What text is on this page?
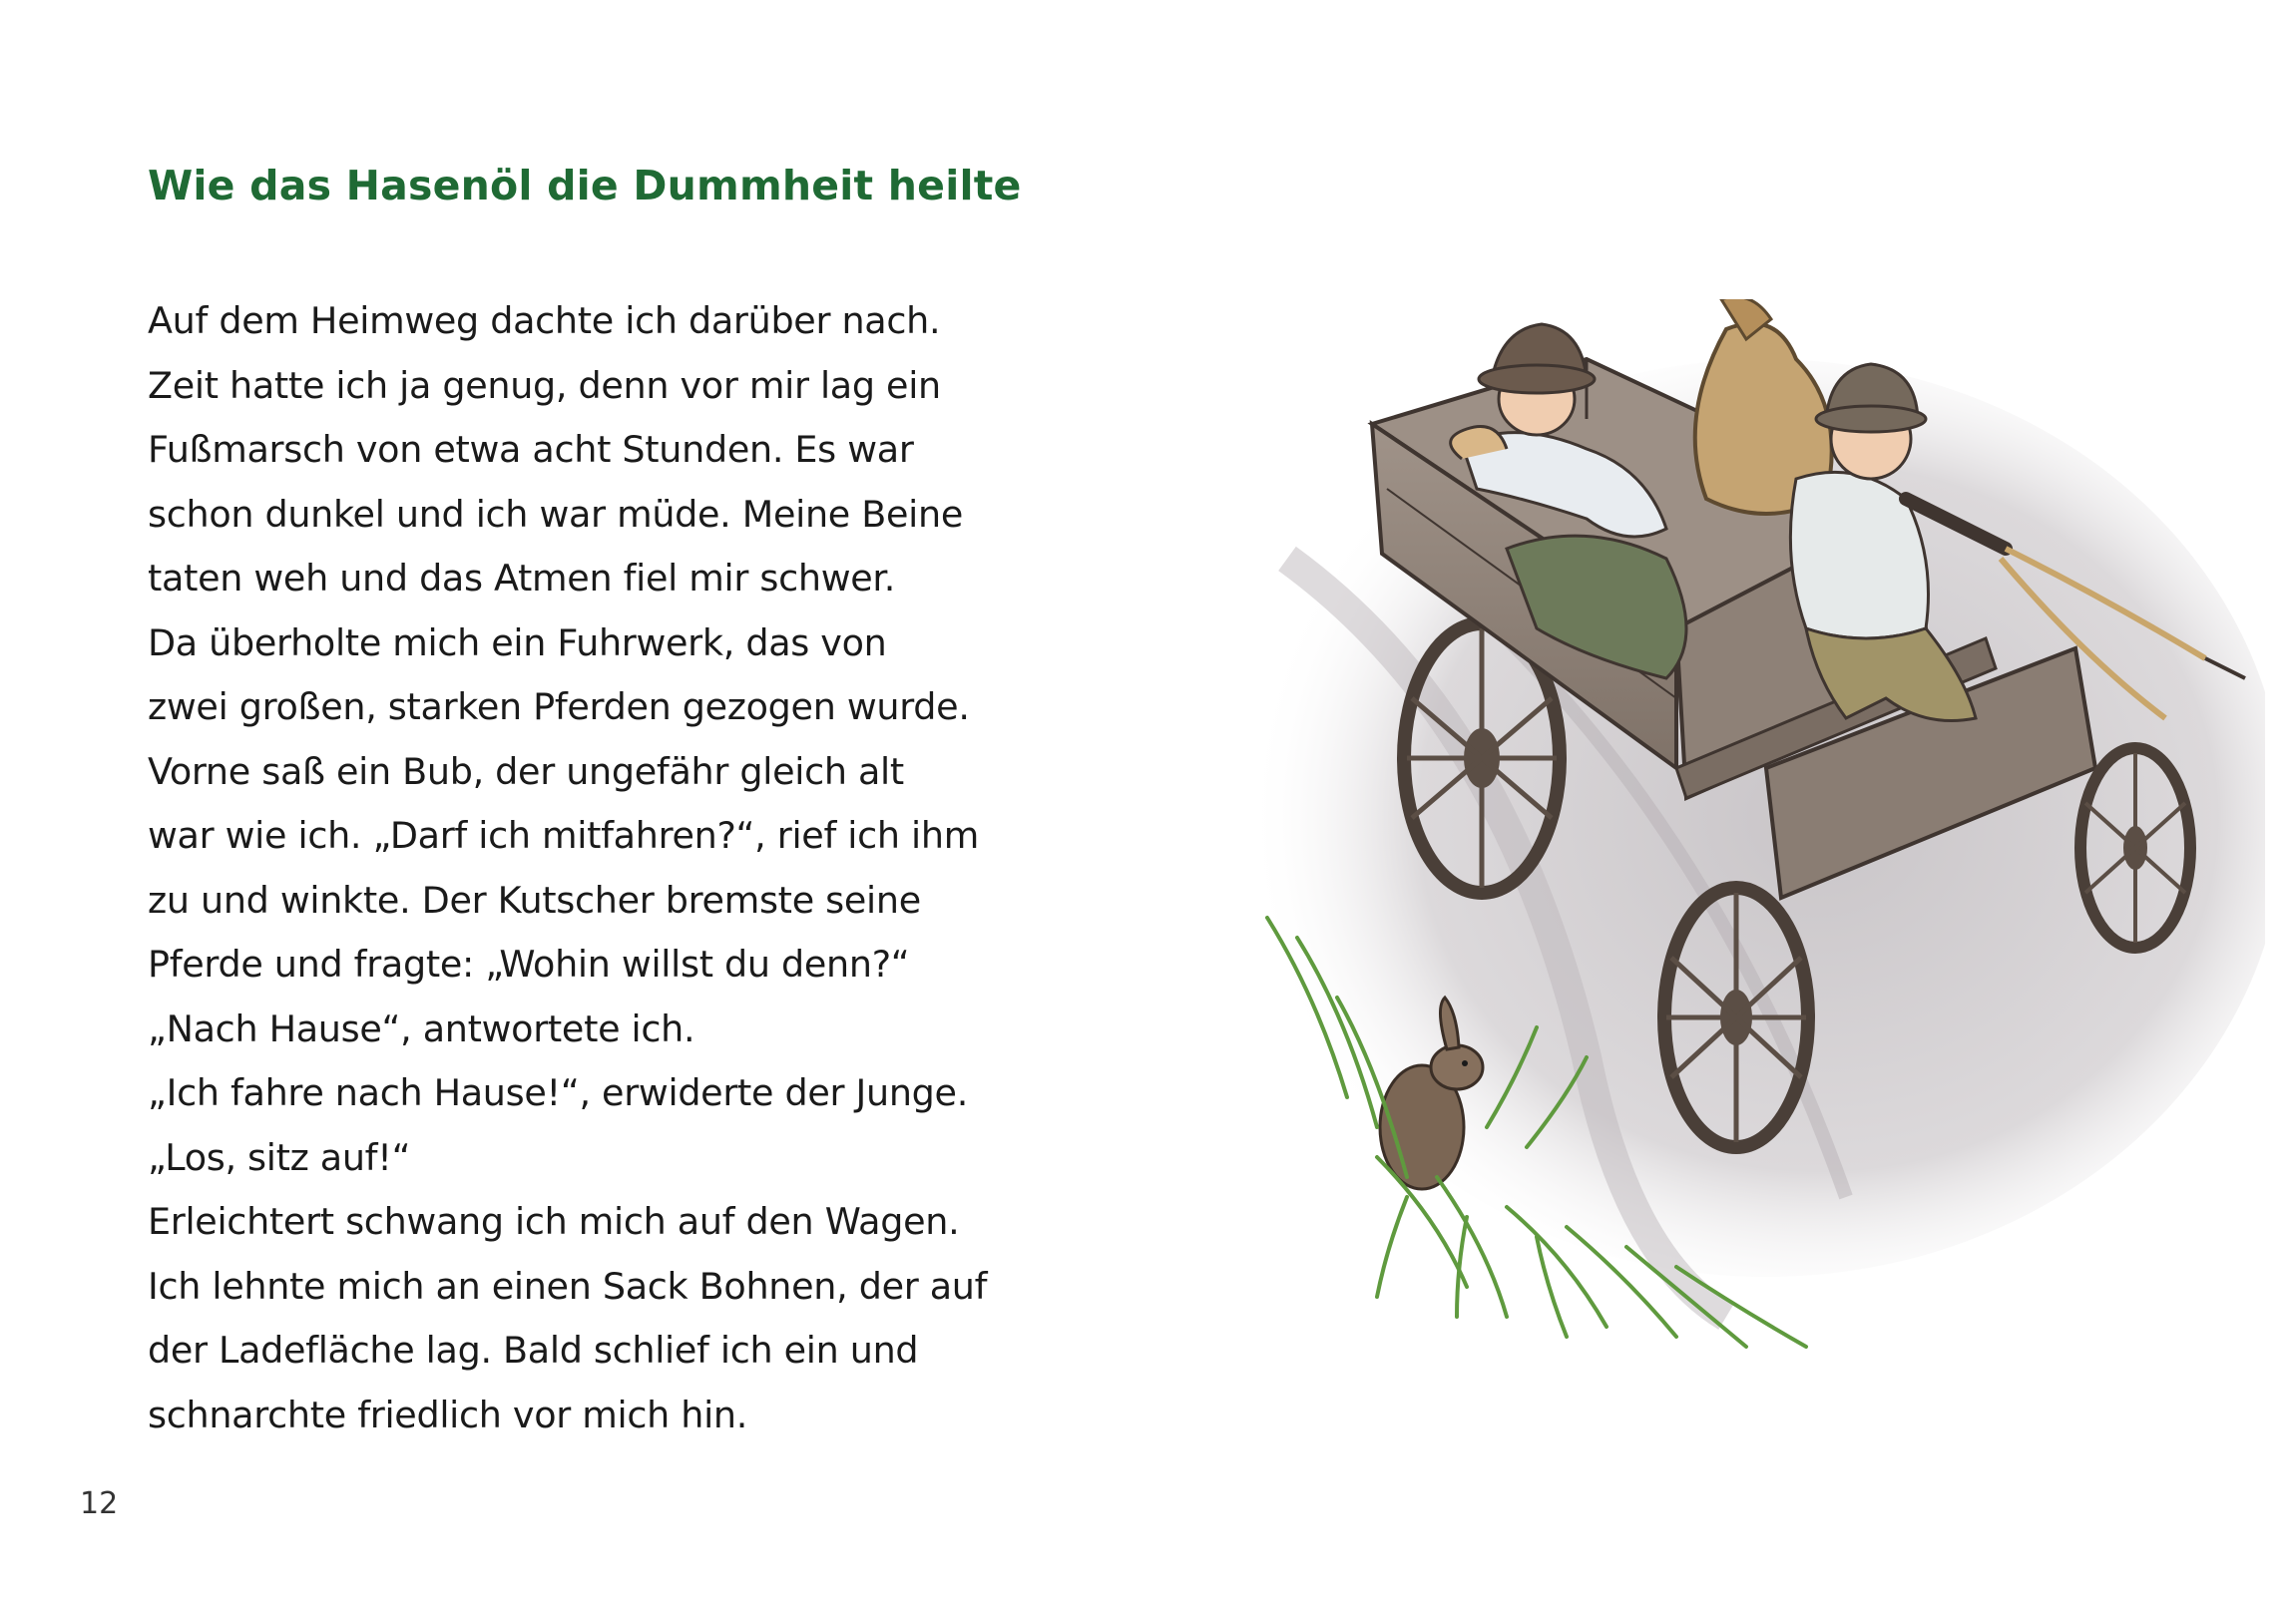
Wie das Hasenöl die Dummheit heilte
Auf dem Heimweg dachte ich darüber nach.
Zeit hatte ich ja genug, denn vor mir lag ein
Fußmarsch von etwa acht Stunden. Es war
schon dunkel und ich war müde. Meine Beine
taten weh und das Atmen fiel mir schwer.
Da überholte mich ein Fuhrwerk, das von
zwei großen, starken Pferden gezogen wurde.
Vorne saß ein Bub, der ungefähr gleich alt
war wie ich. „Darf ich mitfahren?“, rief ich ihm
zu und winkte. Der Kutscher bremste seine
Pferde und fragte: „Wohin willst du denn?“
„Nach Hause“, antwortete ich.
„Ich fahre nach Hause!“, erwiderte der Junge.
„Los, sitz auf!“
Erleichtert schwang ich mich auf den Wagen.
Ich lehnte mich an einen Sack Bohnen, der auf
der Ladefläche lag. Bald schlief ich ein und
schnarchte friedlich vor mich hin.
12
